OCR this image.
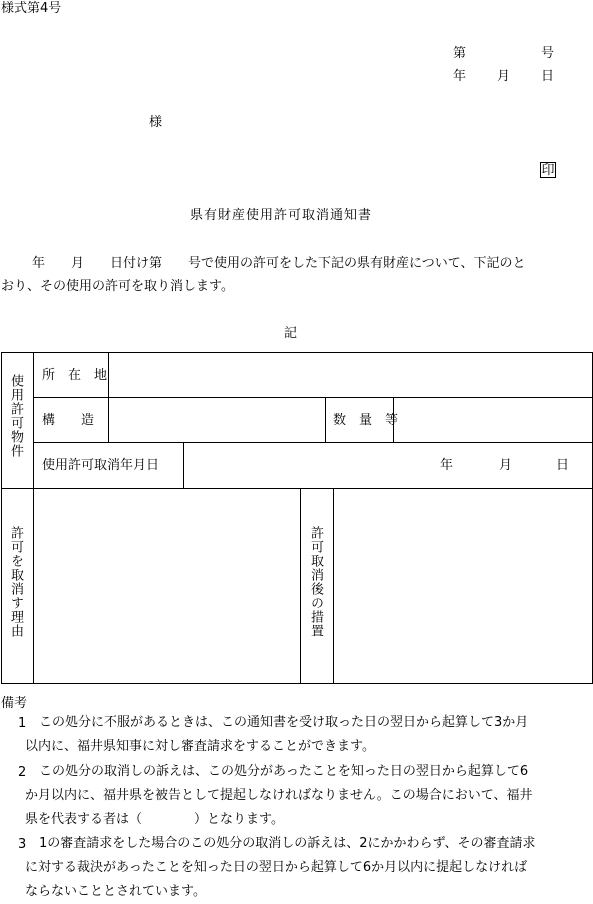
様式第4号
第	号
年 月 日
様
印
県有財産使用許可取消通知書
年　　月　　日付け第　　号で使用の許可をした下記の県有財産について、下記のと
おり、その使用の許可を取り消します。
記
使用許可物件 所　在　地
構　　造	数　量　等
使用許可取消年月日	年	月	日
許可を取消す理由	許可取消後の措置
備考
1 この処分に不服があるときは、この通知書を受け取った日の翌日から起算して3か月
以内に、福井県知事に対し審査請求をすることができます。
2 この処分の取消しの訴えは、この処分があったことを知った日の翌日から起算して6
か月以内に、福井県を被告として提起しなければなりません。この場合において、福井
県を代表する者は（　　　　）となります。
3 1の審査請求をした場合のこの処分の取消しの訴えは、2にかかわらず、その審査請求
に対する裁決があったことを知った日の翌日から起算して6か月以内に提起しなければ
ならないこととされています。
